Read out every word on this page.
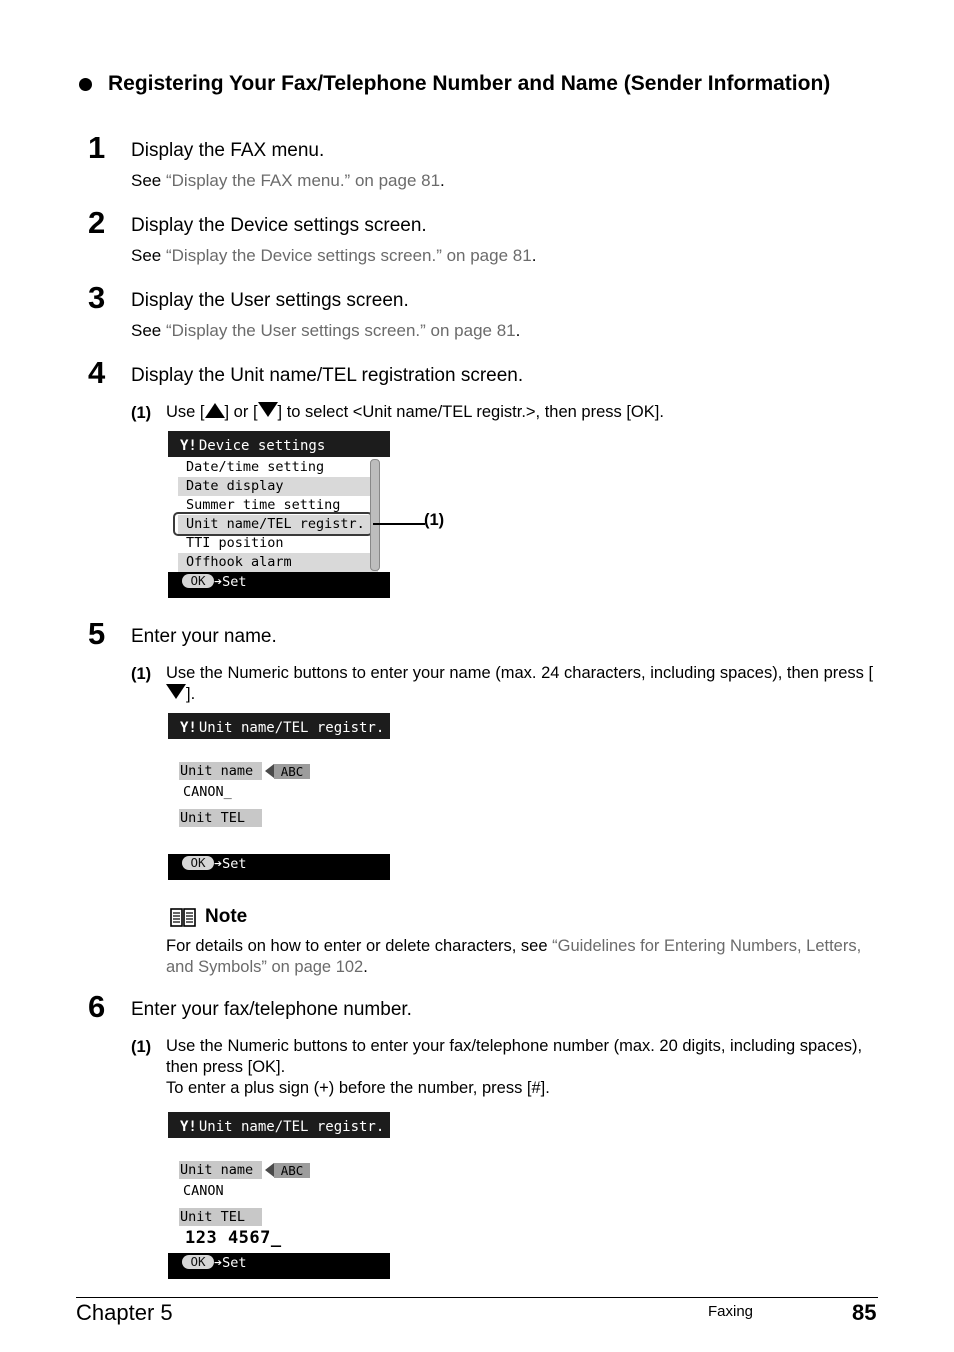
Registering Your Fax/Telephone Number and Name (Sender Information)
1 Display the FAX menu.
See “Display the FAX menu.” on page 81.
2 Display the Device settings screen.
See “Display the Device settings screen.” on page 81.
3 Display the User settings screen.
See “Display the User settings screen.” on page 81.
4 Display the Unit name/TEL registration screen.
(1) Use [ ] or [ ] to select <Unit name/TEL registr.>, then press [OK].
Y! Device settings
Date/time setting
Date display
Summer time setting
Unit name/TEL registr.
TTI position
Offhook alarm
OK ➔Set
(1)
5 Enter your name.
(1) Use the Numeric buttons to enter your name (max. 24 characters, including spaces), then press [].
Y! Unit name/TEL registr.
Unit name	ABC
CANON_
Unit TEL
OK ➔Set
Note
For details on how to enter or delete characters, see “Guidelines for Entering Numbers, Letters, and Symbols” on page 102.
6 Enter your fax/telephone number.
(1) Use the Numeric buttons to enter your fax/telephone number (max. 20 digits, including spaces), then press [OK].
To enter a plus sign (+) before the number, press [#].
Y! Unit name/TEL registr.
Unit name	ABC
CANON
Unit TEL
123 4567_
OK ➔Set
Chapter 5	Faxing	85
